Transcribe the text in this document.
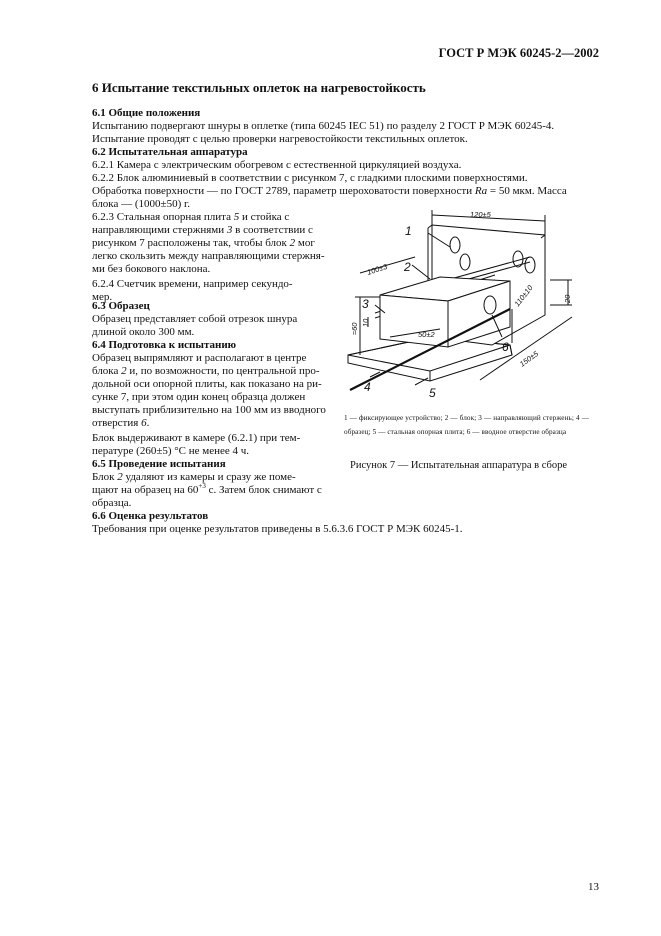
ГОСТ Р МЭК 60245-2—2002
6 Испытание текстильных оплеток на нагревостойкость
6.1 Общие положения
Испытанию подвергают шнуры в оплетке (типа 60245 IEC 51) по разделу 2 ГОСТ Р МЭК 60245-4.
Испытание проводят с целью проверки нагревостойкости текстильных оплеток.
6.2 Испытательная аппаратура
6.2.1 Камера с электрическим обогревом с естественной циркуляцией воздуха.
6.2.2 Блок алюминиевый в соответствии с рисунком 7, с гладкими плоскими поверхностями.
Обработка поверхности — по ГОСТ 2789, параметр шероховатости поверхности Ra = 50 мкм. Масса
блока — (1000±50) г.
6.2.3 Стальная опорная плита 5 и стойка с
направляющими стержнями 3 в соответствии с
рисунком 7 расположены так, чтобы блок 2 мог
легко скользить между направляющими стержня-
ми без бокового наклона.
6.2.4 Счетчик времени, например секундо-
мер.
6.3 Образец
Образец представляет собой отрезок шнура
длиной около 300 мм.
6.4 Подготовка к испытанию
Образец выпрямляют и располагают в центре
блока 2 и, по возможности, по центральной про-
дольной оси опорной плиты, как показано на ри-
сунке 7, при этом один конец образца должен
выступать приблизительно на 100 мм из вводного
отверстия 6.
Блок выдерживают в камере (6.2.1) при тем-
пературе (260±5) °С не менее 4 ч.
6.5 Проведение испытания
Блок 2 удаляют из камеры и сразу же поме-
щают на образец на $60^{+3}$ с. Затем блок снимают с
образца.
6.6 Оценка результатов
Требования при оценке результатов приведены в 5.6.3.6 ГОСТ Р МЭК 60245-1.
1
2
3
4	5
6
120±5
100±3
20
110±10
150±5
≈60 10
50±2
1 — фиксирующее устройство; 2 — блок; 3 — направляющий стержень; 4 — образец; 5 — стальная опорная плита; 6 — вводное отверстие образца
Рисунок 7 — Испытательная аппаратура в сборе
13
